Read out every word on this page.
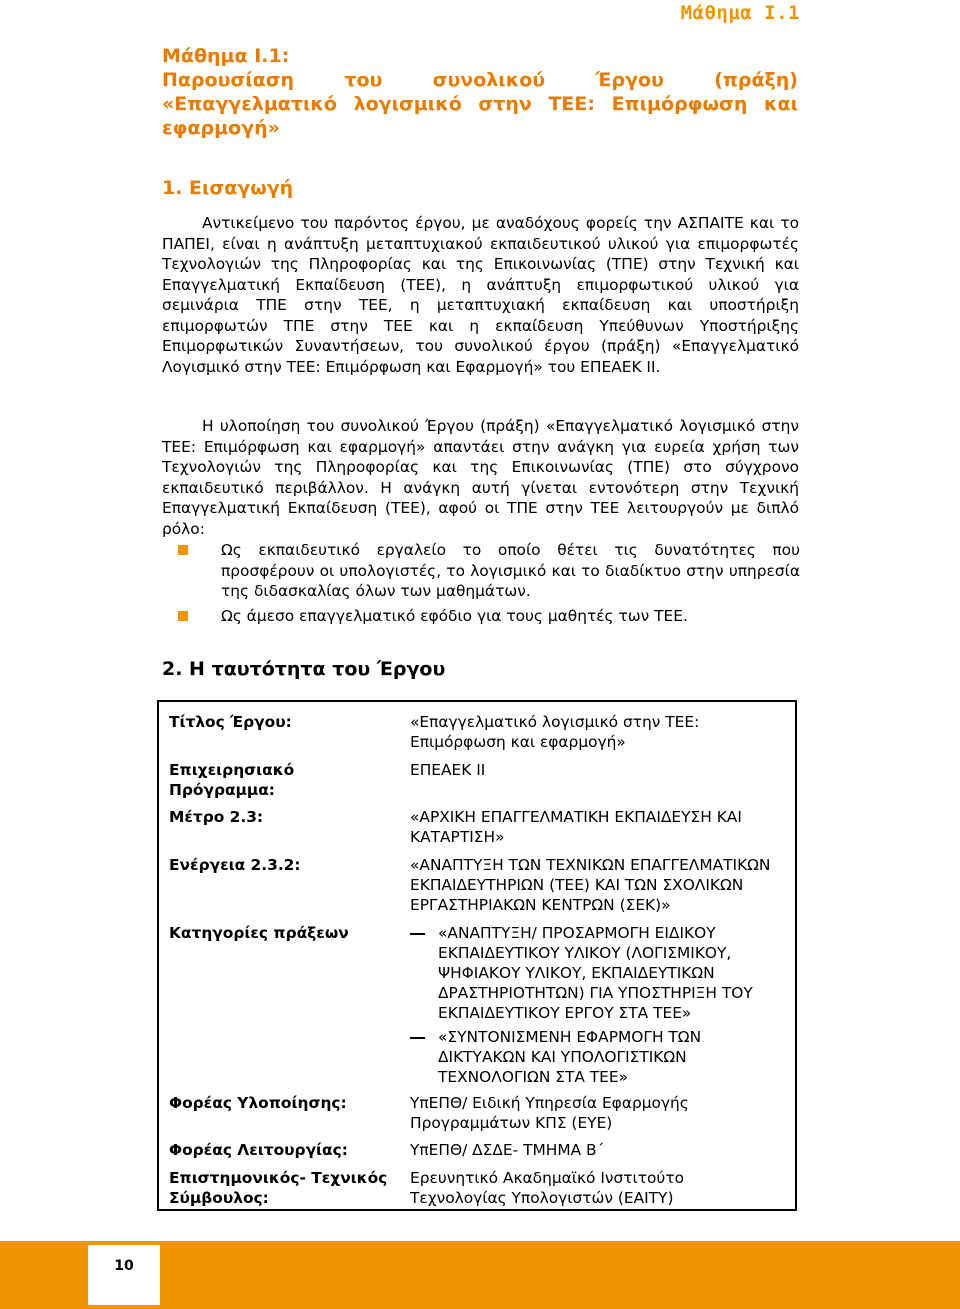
Μάθημα Ι.1
Μάθημα Ι.1:
Παρουσίαση του συνολικού Έργου (πράξη)
«Επαγγελματικό λογισμικό στην ΤΕΕ: Επιμόρφωση και
εφαρμογή»
1. Εισαγωγή

Αντικείμενο του παρόντος έργου, με αναδόχους φορείς την ΑΣΠΑΙΤΕ και το ΠΑΠΕΙ, είναι η ανάπτυξη μεταπτυχιακού εκπαιδευτικού υλικού για επιμορφωτές Τεχνολογιών της Πληροφορίας και της Επικοινωνίας (ΤΠΕ) στην Τεχνική και Επαγγελματική Εκπαίδευση (ΤΕΕ), η ανάπτυξη επιμορφωτικού υλικού για σεμινάρια ΤΠΕ στην ΤΕΕ, η μεταπτυχιακή εκπαίδευση και υποστήριξη επιμορφωτών ΤΠΕ στην ΤΕΕ και η εκπαίδευση Υπεύθυνων Υποστήριξης Επιμορφωτικών Συναντήσεων, του συνολικού έργου (πράξη) «Επαγγελματικό Λογισμικό στην ΤΕΕ: Επιμόρφωση και Εφαρμογή» του ΕΠΕΑΕΚ ΙΙ.

Η υλοποίηση του συνολικού Έργου (πράξη) «Επαγγελματικό λογισμικό στην ΤΕΕ: Επιμόρφωση και εφαρμογή» απαντάει στην ανάγκη για ευρεία χρήση των Τεχνολογιών της Πληροφορίας και της Επικοινωνίας (ΤΠΕ) στο σύγχρονο εκπαιδευτικό περιβάλλον. Η ανάγκη αυτή γίνεται εντονότερη στην Τεχνική Επαγγελματική Εκπαίδευση (ΤΕΕ), αφού οι ΤΠΕ στην ΤΕΕ λειτουργούν με διπλό ρόλο:

Ως εκπαιδευτικό εργαλείο το οποίο θέτει τις δυνατότητες που προσφέρουν οι υπολογιστές, το λογισμικό και το διαδίκτυο στην υπηρεσία της διδασκαλίας όλων των μαθημάτων.
Ως άμεσο επαγγελματικό εφόδιο για τους μαθητές των ΤΕΕ.
2. Η ταυτότητα του Έργου
Τίτλος Έργου:	«Επαγγελματικό λογισμικό στην ΤΕΕ: Επιμόρφωση και εφαρμογή»
Επιχειρησιακό Πρόγραμμα:
ΕΠΕΑΕΚ ΙΙ
Μέτρο 2.3:	«ΑΡΧΙΚΗ ΕΠΑΓΓΕΛΜΑΤΙΚΗ ΕΚΠΑΙΔΕΥΣΗ ΚΑΙ ΚΑΤΑΡΤΙΣΗ»
Ενέργεια 2.3.2:	«ΑΝΑΠΤΥΞΗ ΤΩΝ ΤΕΧΝΙΚΩΝ ΕΠΑΓΓΕΛΜΑΤΙΚΩΝ ΕΚΠΑΙΔΕΥΤΗΡΙΩΝ (ΤΕΕ) ΚΑΙ ΤΩΝ ΣΧΟΛΙΚΩΝ ΕΡΓΑΣΤΗΡΙΑΚΩΝ ΚΕΝΤΡΩΝ (ΣΕΚ)»
Κατηγορίες πράξεων	«ΑΝΑΠΤΥΞΗ/ ΠΡΟΣΑΡΜΟΓΗ ΕΙΔΙΚΟΥ ΕΚΠΑΙΔΕΥΤΙΚΟΥ ΥΛΙΚΟΥ (ΛΟΓΙΣΜΙΚΟΥ, ΨΗΦΙΑΚΟΥ ΥΛΙΚΟΥ, ΕΚΠΑΙΔΕΥΤΙΚΩΝ ΔΡΑΣΤΗΡΙΟΤΗΤΩΝ) ΓΙΑ ΥΠΟΣΤΗΡΙΞΗ ΤΟΥ ΕΚΠΑΙΔΕΥΤΙΚΟΥ ΕΡΓΟΥ ΣΤΑ ΤΕΕ»
«ΣΥΝΤΟΝΙΣΜΕΝΗ ΕΦΑΡΜΟΓΗ ΤΩΝ ΔΙΚΤΥΑΚΩΝ ΚΑΙ ΥΠΟΛΟΓΙΣΤΙΚΩΝ ΤΕΧΝΟΛΟΓΙΩΝ ΣΤΑ ΤΕΕ»
Φορέας Υλοποίησης:	ΥπΕΠΘ/ Ειδική Υπηρεσία Εφαρμογής Προγραμμάτων ΚΠΣ (ΕΥΕ)
Φορέας Λειτουργίας:	ΥπΕΠΘ/ ΔΣΔΕ- ΤΜΗΜΑ Β΄
Επιστημονικός- Τεχνικός Σύμβουλος:
Ερευνητικό Ακαδημαϊκό Ινστιτούτο Τεχνολογίας Υπολογιστών (ΕΑΙΤΥ)
10
